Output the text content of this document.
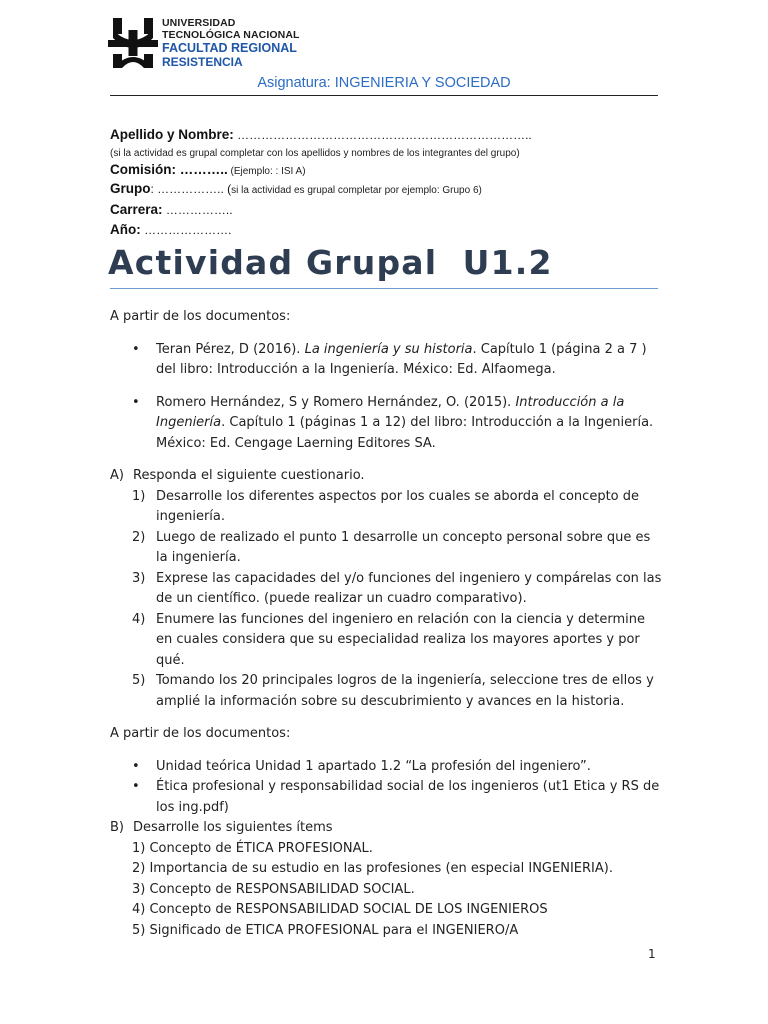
UNIVERSIDAD
TECNOLÓGICA NACIONAL
FACULTAD REGIONAL
RESISTENCIA
Asignatura: INGENIERIA Y SOCIEDAD
Apellido y Nombre: ………………………………………………………………..
(si la actividad es grupal completar con los apellidos y nombres de los integrantes del grupo)
Comisión: ……….. (Ejemplo: : ISI A)
Grupo: …………….. (si la actividad es grupal completar por ejemplo: Grupo 6)
Carrera: ……………..
Año: ………………….
Actividad Grupal  U1.2

A partir de los documentos:

• Teran Pérez, D (2016). La ingeniería y su historia. Capítulo 1 (página 2 a 7 ) del libro: Introducción a la Ingeniería. México: Ed. Alfaomega.
• Romero Hernández, S y Romero Hernández, O. (2015). Introducción a la Ingeniería. Capítulo 1 (páginas 1 a 12) del libro: Introducción a la Ingeniería. México: Ed. Cengage Laerning Editores SA.
A) Responda el siguiente cuestionario.
1) Desarrolle los diferentes aspectos por los cuales se aborda el concepto de ingeniería.
2) Luego de realizado el punto 1 desarrolle un concepto personal sobre que es la ingeniería.
3) Exprese las capacidades del y/o funciones del ingeniero y compárelas con las de un científico. (puede realizar un cuadro comparativo).
4) Enumere las funciones del ingeniero en relación con la ciencia y determine en cuales considera que su especialidad realiza los mayores aportes y por qué.
5) Tomando los 20 principales logros de la ingeniería, seleccione tres de ellos y amplié la información sobre su descubrimiento y avances en la historia.

A partir de los documentos:

• Unidad teórica Unidad 1 apartado 1.2 “La profesión del ingeniero”.
• Ética profesional y responsabilidad social de los ingenieros (ut1 Etica y RS de los ing.pdf)
B) Desarrolle los siguientes ítems
1) Concepto de ÉTICA PROFESIONAL.
2) Importancia de su estudio en las profesiones (en especial INGENIERIA).
3) Concepto de RESPONSABILIDAD SOCIAL.
4) Concepto de RESPONSABILIDAD SOCIAL DE LOS INGENIEROS
5) Significado de ETICA PROFESIONAL para el INGENIERO/A
1
